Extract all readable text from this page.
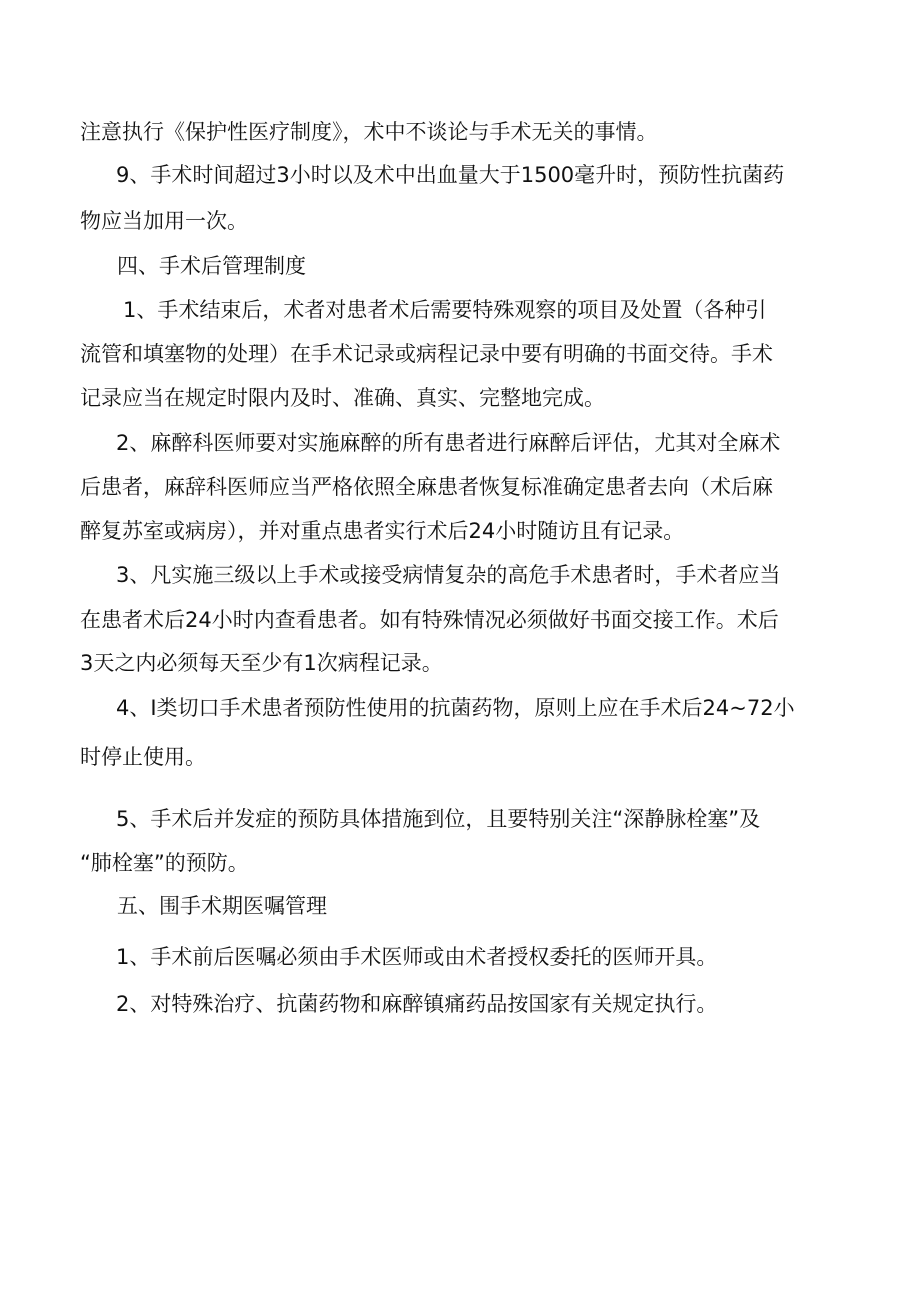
注意执行《保护性医疗制度》，术中不谈论与手术无关的事情。

9、手术时间超过3小时以及术中出血量大于1500毫升时，预防性抗菌药

物应当加用一次。

四、手术后管理制度

1、手术结束后，术者对患者术后需要特殊观察的项目及处置（各种引

流管和填塞物的处理）在手术记录或病程记录中要有明确的书面交待。手术

记录应当在规定时限内及时、准确、真实、完整地完成。

2、麻醉科医师要对实施麻醉的所有患者进行麻醉后评估，尤其对全麻术

后患者，麻辞科医师应当严格依照全麻患者恢复标准确定患者去向（术后麻

醉复苏室或病房），并对重点患者实行术后24小时随访且有记录。

3、凡实施三级以上手术或接受病情复杂的高危手术患者时，手术者应当

在患者术后24小时内查看患者。如有特殊情况必须做好书面交接工作。术后

3天之内必须每天至少有1次病程记录。

4、I类切口手术患者预防性使用的抗菌药物，原则上应在手术后24~72小

时停止使用。

5、手术后并发症的预防具体措施到位，且要特别关注“深静脉栓塞”及

“肺栓塞”的预防。

五、围手术期医嘱管理

1、手术前后医嘱必须由手术医师或由术者授权委托的医师开具。

2、对特殊治疗、抗菌药物和麻醉镇痛药品按国家有关规定执行。
